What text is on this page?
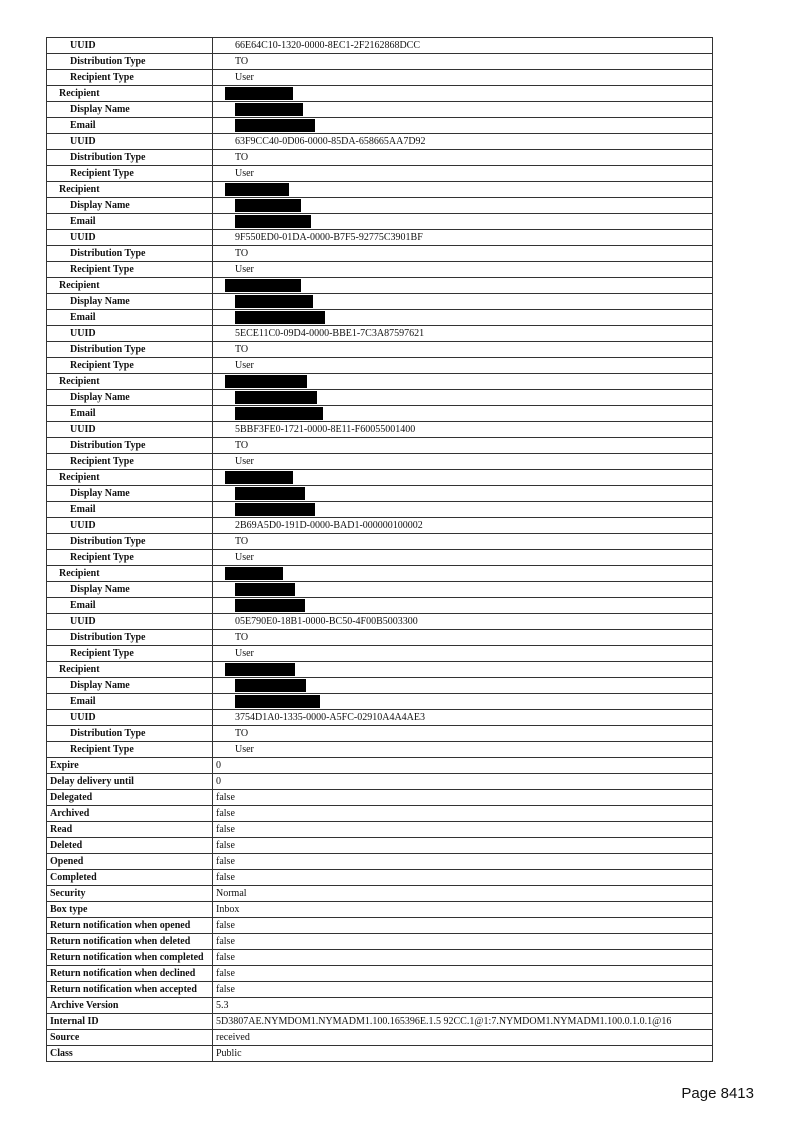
UUID	66E64C10-1320-0000-8EC1-2F2162868DCC
Distribution Type	TO
Recipient Type	User
Recipient	
Display Name	
Email	
UUID	63F9CC40-0D06-0000-85DA-658665AA7D92
Distribution Type	TO
Recipient Type	User
Recipient	
Display Name	
Email	
UUID	9F550ED0-01DA-0000-B7F5-92775C3901BF
Distribution Type	TO
Recipient Type	User
Recipient	
Display Name	
Email	
UUID	5ECE11C0-09D4-0000-BBE1-7C3A87597621
Distribution Type	TO
Recipient Type	User
Recipient	
Display Name	
Email	
UUID	5BBF3FE0-1721-0000-8E11-F60055001400
Distribution Type	TO
Recipient Type	User
Recipient	
Display Name	
Email	
UUID	2B69A5D0-191D-0000-BAD1-000000100002
Distribution Type	TO
Recipient Type	User
Recipient	
Display Name	
Email	
UUID	05E790E0-18B1-0000-BC50-4F00B5003300
Distribution Type	TO
Recipient Type	User
Recipient	
Display Name	
Email	
UUID	3754D1A0-1335-0000-A5FC-02910A4A4AE3
Distribution Type	TO
Recipient Type	User
Expire	0
Delay delivery until	0
Delegated	false
Archived	false
Read	false
Deleted	false
Opened	false
Completed	false
Security	Normal
Box type	Inbox
Return notification when opened	false
Return notification when deleted	false
Return notification when completed	false
Return notification when declined	false
Return notification when accepted	false
Archive Version	5.3
Internal ID	5D3807AE.NYMDOM1.NYMADM1.100.165396E.1.5 92CC.1@1:7.NYMDOM1.NYMADM1.100.0.1.0.1@16
Source	received
Class	Public
Page 8413
